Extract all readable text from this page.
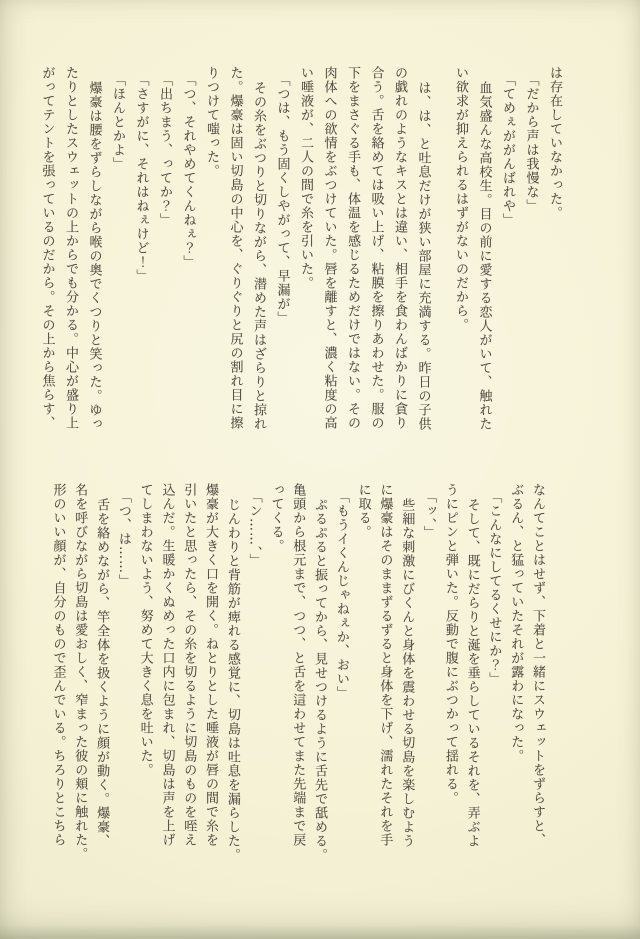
は存在していなかった。
「だから声は我慢な」
「てめぇががんばれや」
血気盛んな高校生。目の前に愛する恋人がいて、触れた
い欲求が抑えられるはずがないのだから。
は、は、と吐息だけが狭い部屋に充満する。昨日の子供
の戯れのようなキスとは違い、相手を食わんばかりに貪り
合う。舌を絡めては吸い上げ、粘膜を擦りあわせた。服の
下をまさぐる手も、体温を感じるためだけではない。その
肉体への欲情をぶつけていた。唇を離すと、濃く粘度の高
い唾液が、二人の間で糸を引いた。
「つは、もう固くしやがって、早漏が」
その糸をぶつりと切りながら、潜めた声はざらりと掠れ
た。爆豪は固い切島の中心を、ぐりぐりと尻の割れ目に擦
りつけて嗤った。
「つ、それやめてくんねぇ？」
「出ちまう、ってか？」
「さすがに、それはねぇけど！」
「ほんとかよ」
爆豪は腰をずらしながら喉の奥でくつりと笑った。ゆっ
たりとしたスウェットの上からでも分かる。中心が盛り上
がってテントを張っているのだから。その上から焦らす、
なんてことはせず、下着と一緒にスウェットをずらすと、
ぶるん、と猛っていたそれが露わになった。
「こんなにしてるくせにか？」
そして、既にだらりと涎を垂らしているそれを、弄ぶよ
うにピンと弾いた。反動で腹にぶつかって揺れる。
「ッ、」
些細な刺激にびくんと身体を震わせる切島を楽しむよう
に爆豪はそのままずるずると身体を下げ、濡れたそれを手
に取る。
「もうイくんじゃねぇか、おい」
ぷるぷると振ってから、見せつけるように舌先で舐める。
亀頭から根元まで、つつ、と舌を這わせてまた先端まで戻
ってくる。
「ン……、」
じんわりと背筋が痺れる感覚に、切島は吐息を漏らした。
爆豪が大きく口を開く。ねとりとした唾液が唇の間で糸を
引いたと思ったら、その糸を切るように切島のものを咥え
込んだ。生暖かくぬめった口内に包まれ、切島は声を上げ
てしまわないよう、努めて大きく息を吐いた。
「つ、は……」
舌を絡めながら、竿全体を扱くように顔が動く。爆豪、
名を呼びながら切島は愛おしく、窄まった彼の頬に触れた。
形のいい顔が、自分のもので歪んでいる。ちろりとこちら
